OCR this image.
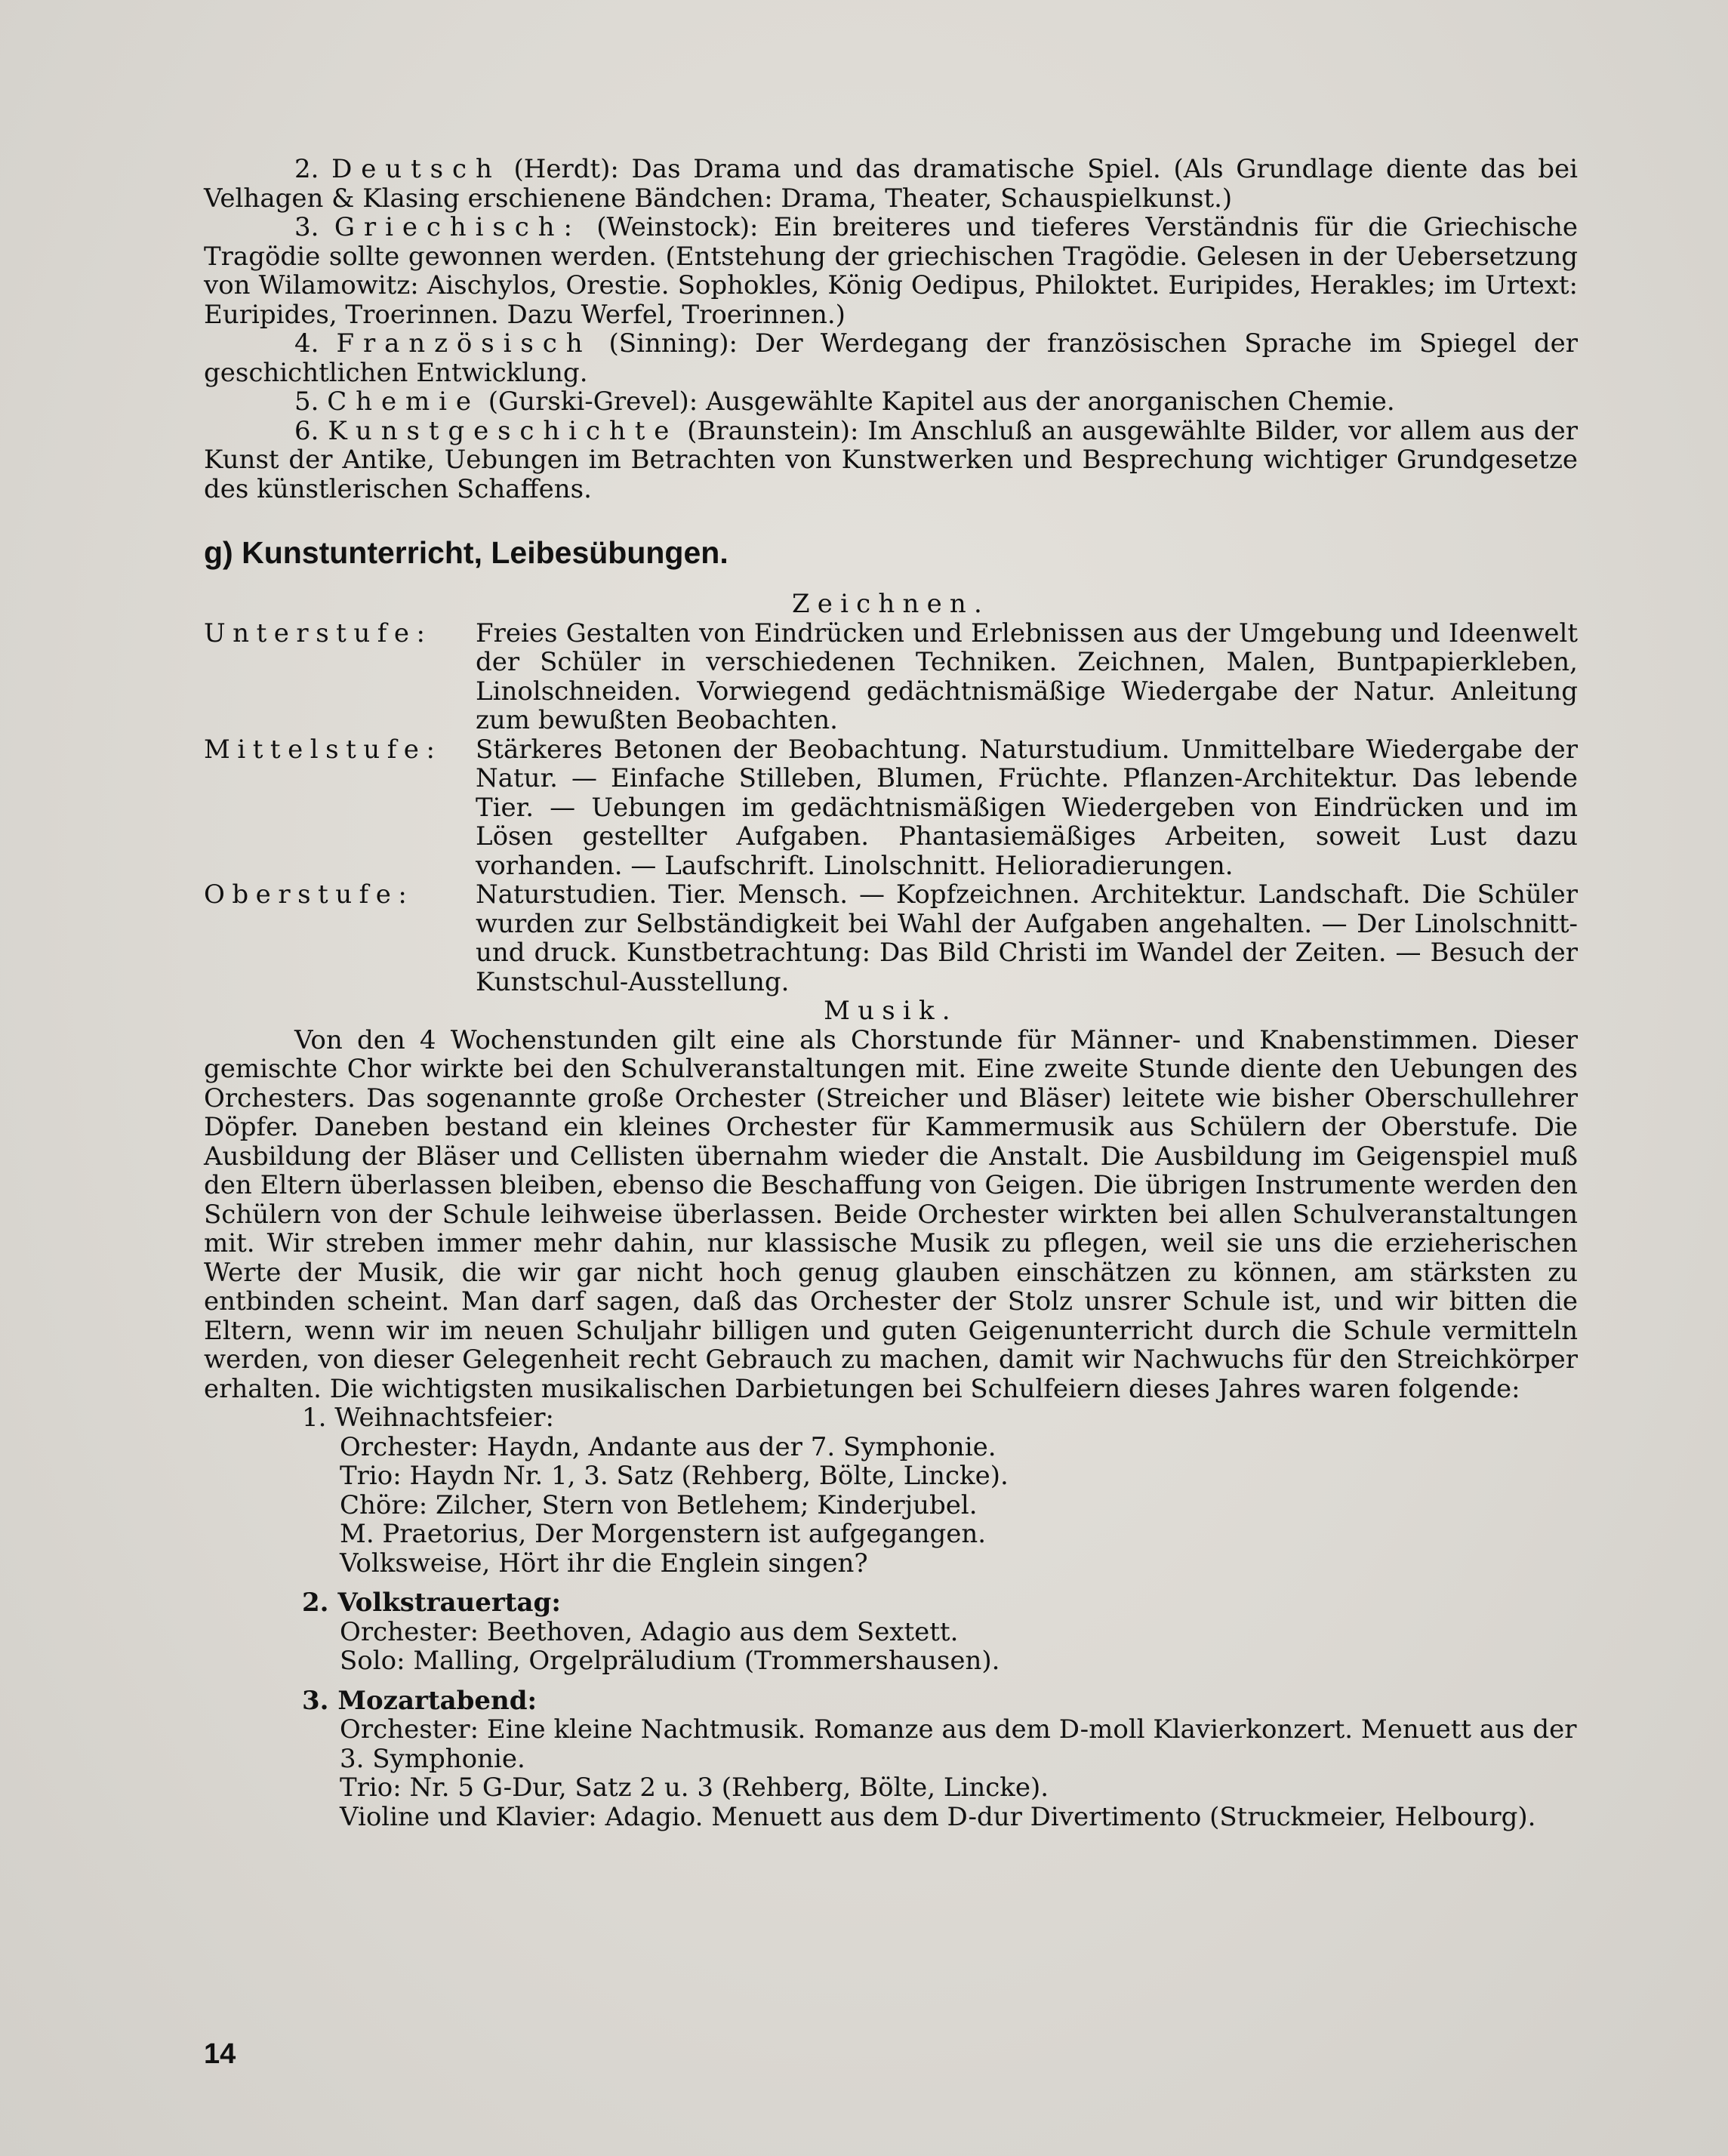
2. Deutsch (Herdt): Das Drama und das dramatische Spiel. (Als Grundlage diente das bei Velhagen & Klasing erschienene Bändchen: Drama, Theater, Schauspielkunst.)

3. Griechisch: (Weinstock): Ein breiteres und tieferes Verständnis für die Griechische Tragödie sollte gewonnen werden. (Entstehung der griechischen Tragödie. Gelesen in der Uebersetzung von Wilamowitz: Aischylos, Orestie. Sophokles, König Oedipus, Philoktet. Euripides, Herakles; im Urtext: Euripides, Troerinnen. Dazu Werfel, Troerinnen.)

4. Französisch (Sinning): Der Werdegang der französischen Sprache im Spiegel der geschichtlichen Entwicklung.

5. Chemie (Gurski-Grevel): Ausgewählte Kapitel aus der anorganischen Chemie.

6. Kunstgeschichte (Braunstein): Im Anschluß an ausgewählte Bilder, vor allem aus der Kunst der Antike, Uebungen im Betrachten von Kunstwerken und Besprechung wichtiger Grundgesetze des künstlerischen Schaffens.

g) Kunstunterricht, Leibesübungen.

Zeichnen.

Unterstufe:	Freies Gestalten von Eindrücken und Erlebnissen aus der Umgebung und Ideenwelt der Schüler in verschiedenen Techniken. Zeichnen, Malen, Buntpapierkleben, Linolschneiden. Vorwiegend gedächtnismäßige Wiedergabe der Natur. Anleitung zum bewußten Beobachten.
Mittelstufe:	Stärkeres Betonen der Beobachtung. Naturstudium. Unmittelbare Wiedergabe der Natur. — Einfache Stilleben, Blumen, Früchte. Pflanzen-Architektur. Das lebende Tier. — Uebungen im gedächtnismäßigen Wiedergeben von Eindrücken und im Lösen gestellter Aufgaben. Phantasiemäßiges Arbeiten, soweit Lust dazu vorhanden. — Laufschrift. Linolschnitt. Helioradierungen.
Oberstufe:	Naturstudien. Tier. Mensch. — Kopfzeichnen. Architektur. Landschaft. Die Schüler wurden zur Selbständigkeit bei Wahl der Aufgaben angehalten. — Der Linolschnitt- und druck. Kunstbetrachtung: Das Bild Christi im Wandel der Zeiten. — Besuch der Kunstschul-Ausstellung.

Musik.

Von den 4 Wochenstunden gilt eine als Chorstunde für Männer- und Knabenstimmen. Dieser gemischte Chor wirkte bei den Schulveranstaltungen mit. Eine zweite Stunde diente den Uebungen des Orchesters. Das sogenannte große Orchester (Streicher und Bläser) leitete wie bisher Oberschullehrer Döpfer. Daneben bestand ein kleines Orchester für Kammermusik aus Schülern der Oberstufe. Die Ausbildung der Bläser und Cellisten übernahm wieder die Anstalt. Die Ausbildung im Geigenspiel muß den Eltern überlassen bleiben, ebenso die Beschaffung von Geigen. Die übrigen Instrumente werden den Schülern von der Schule leihweise überlassen. Beide Orchester wirkten bei allen Schulveranstaltungen mit. Wir streben immer mehr dahin, nur klassische Musik zu pflegen, weil sie uns die erzieherischen Werte der Musik, die wir gar nicht hoch genug glauben einschätzen zu können, am stärksten zu entbinden scheint. Man darf sagen, daß das Orchester der Stolz unsrer Schule ist, und wir bitten die Eltern, wenn wir im neuen Schuljahr billigen und guten Geigenunterricht durch die Schule vermitteln werden, von dieser Gelegenheit recht Gebrauch zu machen, damit wir Nachwuchs für den Streichkörper erhalten. Die wichtigsten musikalischen Darbietungen bei Schulfeiern dieses Jahres waren folgende:

1. Weihnachtsfeier:
Orchester: Haydn, Andante aus der 7. Symphonie.
Trio: Haydn Nr. 1, 3. Satz (Rehberg, Bölte, Lincke).
Chöre: Zilcher, Stern von Betlehem; Kinderjubel.
M. Praetorius, Der Morgenstern ist aufgegangen.
Volksweise, Hört ihr die Englein singen?
2. Volkstrauertag:
Orchester: Beethoven, Adagio aus dem Sextett.
Solo: Malling, Orgelpräludium (Trommershausen).
3. Mozartabend:
Orchester: Eine kleine Nachtmusik. Romanze aus dem D-moll Klavierkonzert. Menuett aus der 3. Symphonie.
Trio: Nr. 5 G-Dur, Satz 2 u. 3 (Rehberg, Bölte, Lincke).
Violine und Klavier: Adagio. Menuett aus dem D-dur Divertimento (Struckmeier, Helbourg).
14
